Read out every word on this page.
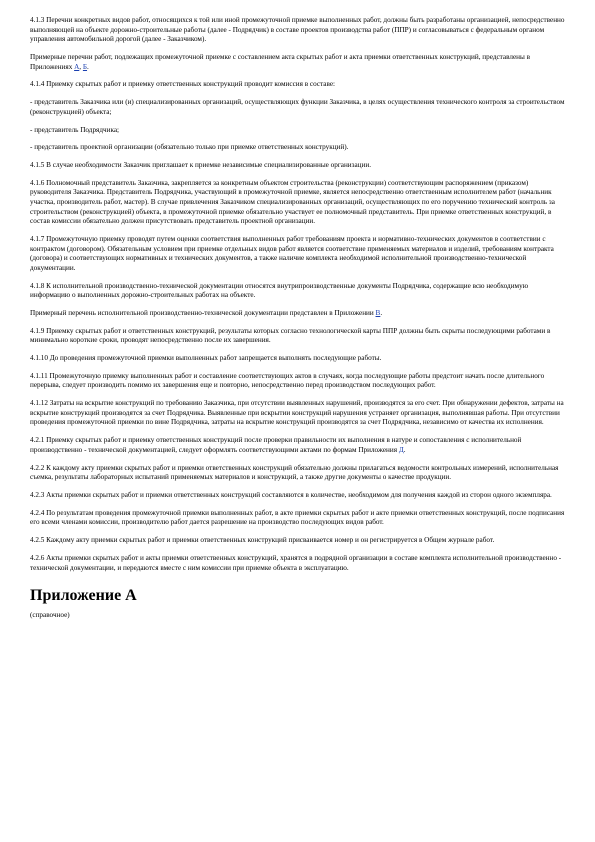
4.1.3 Перечни конкретных видов работ, относящихся к той или иной промежуточной приемке выполненных работ, должны быть разработаны организацией, непосредственно выполняющей на объекте дорожно-строительные работы (далее - Подрядчик) в составе проектов производства работ (ППР) и согласовываться с федеральным органом управления автомобильной дорогой (далее - Заказчиком).

Примерные перечни работ, подлежащих промежуточной приемке с составлением акта скрытых работ и акта приемки ответственных конструкций, представлены в Приложениях А, Б.

4.1.4 Приемку скрытых работ и приемку ответственных конструкций проводит комиссия в составе:

- представитель Заказчика или (и) специализированных организаций, осуществляющих функции Заказчика, в целях осуществления технического контроля за строительством (реконструкцией) объекта;

- представитель Подрядчика;

- представитель проектной организации (обязательно только при приемке ответственных конструкций).

4.1.5 В случае необходимости Заказчик приглашает к приемке независимые специализированные организации.

4.1.6 Полномочный представитель Заказчика, закрепляется за конкретным объектом строительства (реконструкции) соответствующим распоряжением (приказом) руководителя Заказчика. Представитель Подрядчика, участвующий в промежуточной приемке, является непосредственно ответственным исполнителем работ (начальник участка, производитель работ, мастер). В случае привлечения Заказчиком специализированных организаций, осуществляющих по его поручению технический контроль за строительством (реконструкцией) объекта, в промежуточной приемке обязательно участвует ее полномочный представитель. При приемке ответственных конструкций, в состав комиссии обязательно должен присутствовать представитель проектной организации.

4.1.7 Промежуточную приемку проводят путем оценки соответствия выполненных работ требованиям проекта и нормативно-технических документов в соответствии с контрактом (договором). Обязательным условием при приемке отдельных видов работ является соответствие применяемых материалов и изделий, требованиям контракта (договора) и соответствующих нормативных и технических документов, а также наличие комплекта необходимой исполнительной производственно-технической документации.

4.1.8 К исполнительной производственно-технической документации относятся внутрипроизводственные документы Подрядчика, содержащие всю необходимую информацию о выполненных дорожно-строительных работах на объекте.

Примерный перечень исполнительной производственно-технической документации представлен в Приложении В.

4.1.9 Приемку скрытых работ и ответственных конструкций, результаты которых согласно технологической карты ППР должны быть скрыты последующими работами в минимально короткие сроки, проводят непосредственно после их завершения.

4.1.10 До проведения промежуточной приемки выполненных работ запрещается выполнять последующие работы.

4.1.11 Промежуточную приемку выполненных работ и составление соответствующих актов в случаях, когда последующие работы предстоит начать после длительного перерыва, следует производить помимо их завершения еще и повторно, непосредственно перед производством последующих работ.

4.1.12 Затраты на вскрытие конструкций по требованию Заказчика, при отсутствии выявленных нарушений, производятся за его счет. При обнаружении дефектов, затраты на вскрытие конструкций производятся за счет Подрядчика. Выявленные при вскрытии конструкций нарушения устраняет организация, выполнявшая работы. При отсутствии проведения промежуточной приемки по вине Подрядчика, затраты на вскрытие конструкций производятся за счет Подрядчика, независимо от качества их исполнения.

4.2.1 Приемку скрытых работ и приемку ответственных конструкций после проверки правильности их выполнения в натуре и сопоставления с исполнительной производственно - технической документацией, следует оформлять соответствующими актами по формам Приложения Д.

4.2.2 К каждому акту приемки скрытых работ и приемки ответственных конструкций обязательно должны прилагаться ведомости контрольных измерений, исполнительная съемка, результаты лабораторных испытаний применяемых материалов и конструкций, а также другие документы о качестве продукции.

4.2.3 Акты приемки скрытых работ и приемки ответственных конструкций составляются в количестве, необходимом для получения каждой из сторон одного экземпляра.

4.2.4 По результатам проведения промежуточной приемки выполненных работ, в акте приемки скрытых работ и акте приемки ответственных конструкций, после подписания его всеми членами комиссии, производителю работ дается разрешение на производство последующих видов работ.

4.2.5 Каждому акту приемки скрытых работ и приемки ответственных конструкций присваивается номер и он регистрируется в Общем журнале работ.

4.2.6 Акты приемки скрытых работ и акты приемки ответственных конструкций, хранятся в подрядной организации в составе комплекта исполнительной производственно - технической документации, и передаются вместе с ним комиссии при приемке объекта в эксплуатацию.

Приложение А

(справочное)
